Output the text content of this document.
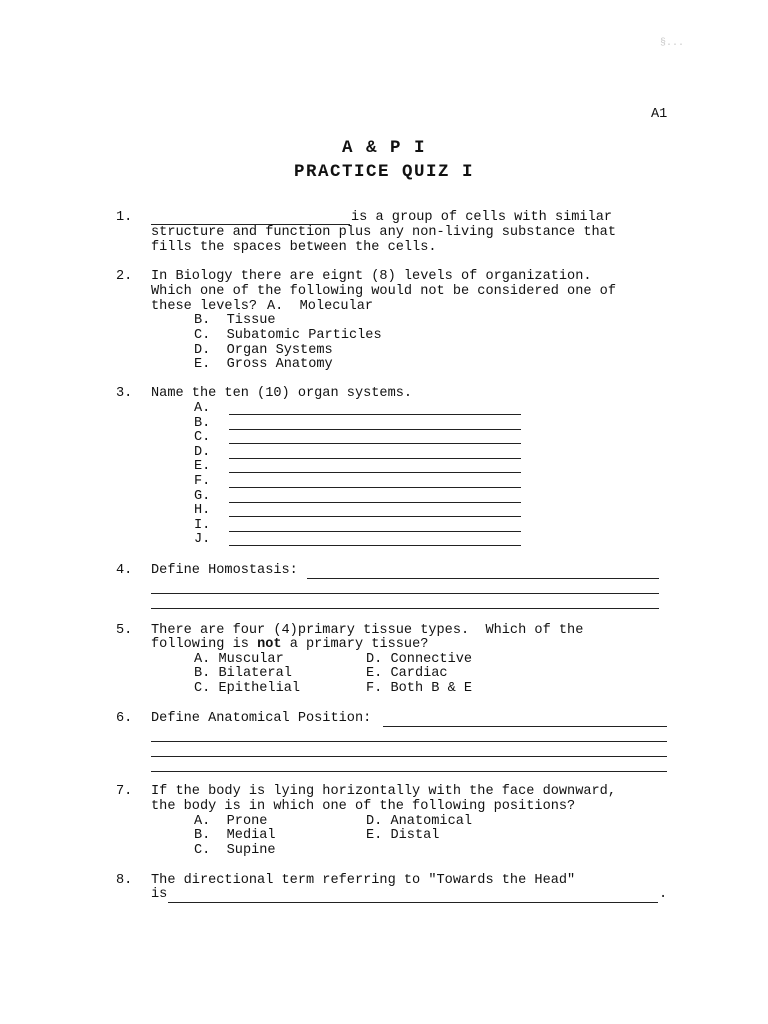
§...
A1
A & P I
PRACTICE QUIZ I
1.	is a group of cells with similar
structure and function plus any non-living substance that
fills the spaces between the cells.
2. In Biology there are eignt (8) levels of organization.
Which one of the following would not be considered one of
these levels? A.  Molecular
B.  Tissue
C.  Subatomic Particles
D.  Organ Systems
E.  Gross Anatomy
3. Name the ten (10) organ systems.
A.
B.
C.
D.
E.
F.
G.
H.
I.
J.
4. Define Homostasis:
5. There are four (4)primary tissue types.  Which of the
following is not a primary tissue?
A. Muscular
B. Bilateral
C. Epithelial
D. Connective
E. Cardiac
F. Both B & E
6. Define Anatomical Position:
7. If the body is lying horizontally with the face downward,
the body is in which one of the following positions?
A.  Prone
B.  Medial
C.  Supine
D. Anatomical
E. Distal
8. The directional term referring to "Towards the Head"
is	.
